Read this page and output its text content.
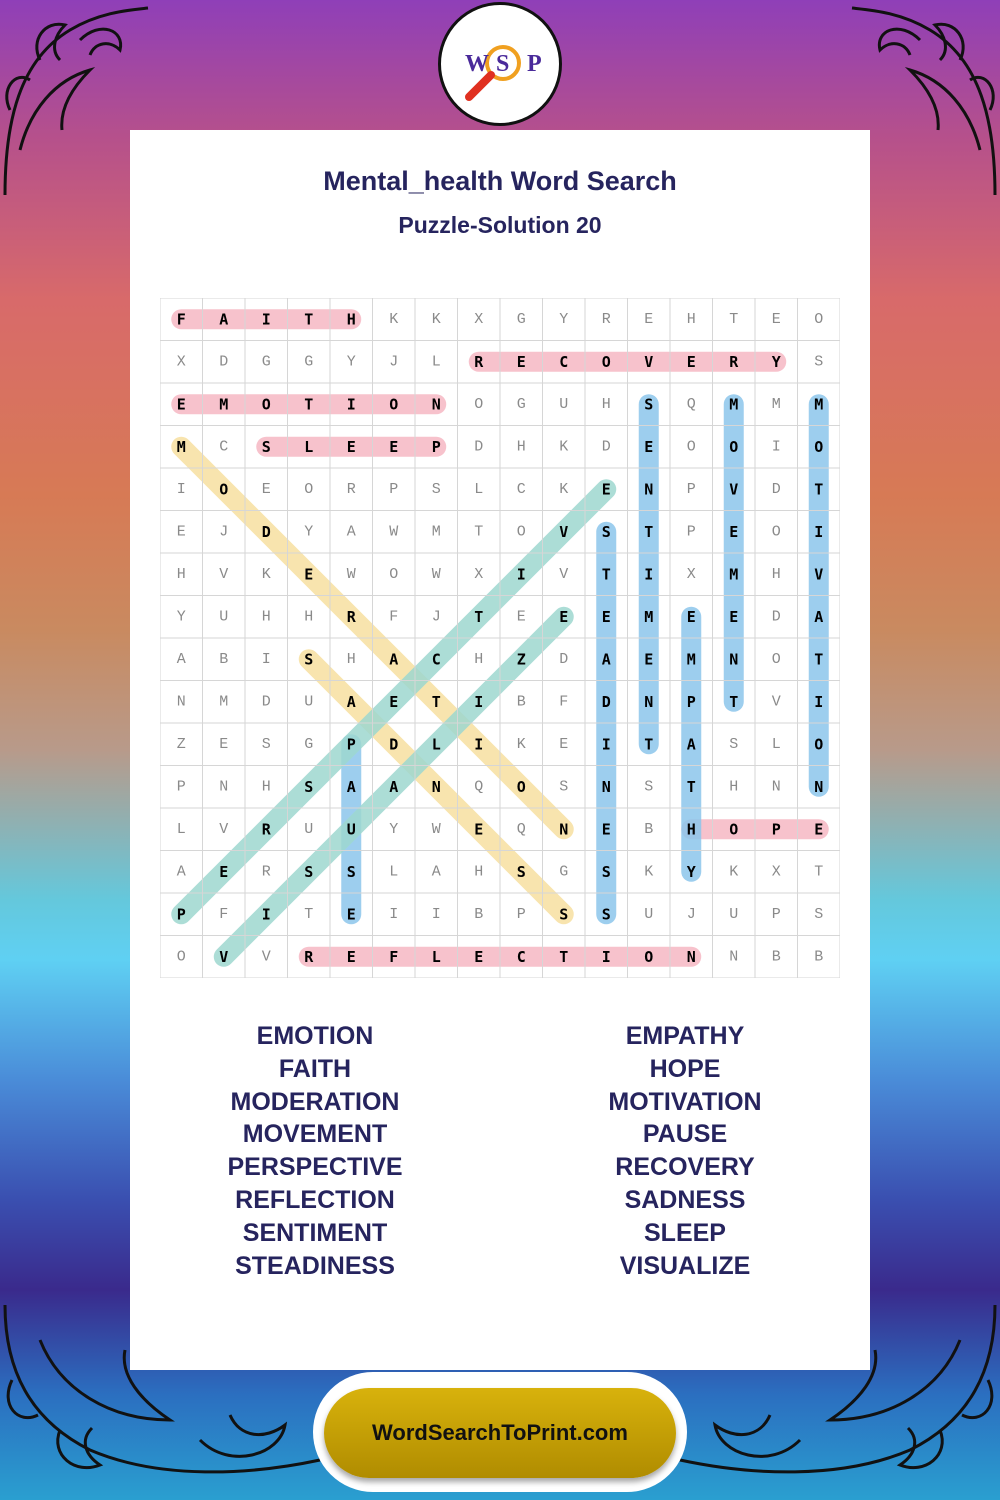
W S P
Mental_health Word Search
Puzzle-Solution 20
F A I T H K K X G Y R E H T E O
X D G G Y J L R E C O V E R Y S
E M O T I O N O G U H S Q M M M
M C S L E E P D H K D E O O I O
I O E O R P S L C K E N P V D T
E J D Y A W M T O V S T P E O I
H V K E W O W X I V T I X M H V
Y U H H R F J T E E E M E E D A
A B I S H A C H Z D A E M N O T
N M D U A E T I B F D N P T V I
Z E S G P D L I K E I T A S L O
P N H S A A N Q O S N S T H N N
L V R U U Y W E Q N E B H O P E
A E R S S L A H S G S K Y K X T
P F I T E I I B P S S U J U P S
O V V R E F L E C T I O N N B B
EMOTION
FAITH
MODERATION
MOVEMENT
PERSPECTIVE
REFLECTION
SENTIMENT
STEADINESS
EMPATHY
HOPE
MOTIVATION
PAUSE
RECOVERY
SADNESS
SLEEP
VISUALIZE
WordSearchToPrint.com
